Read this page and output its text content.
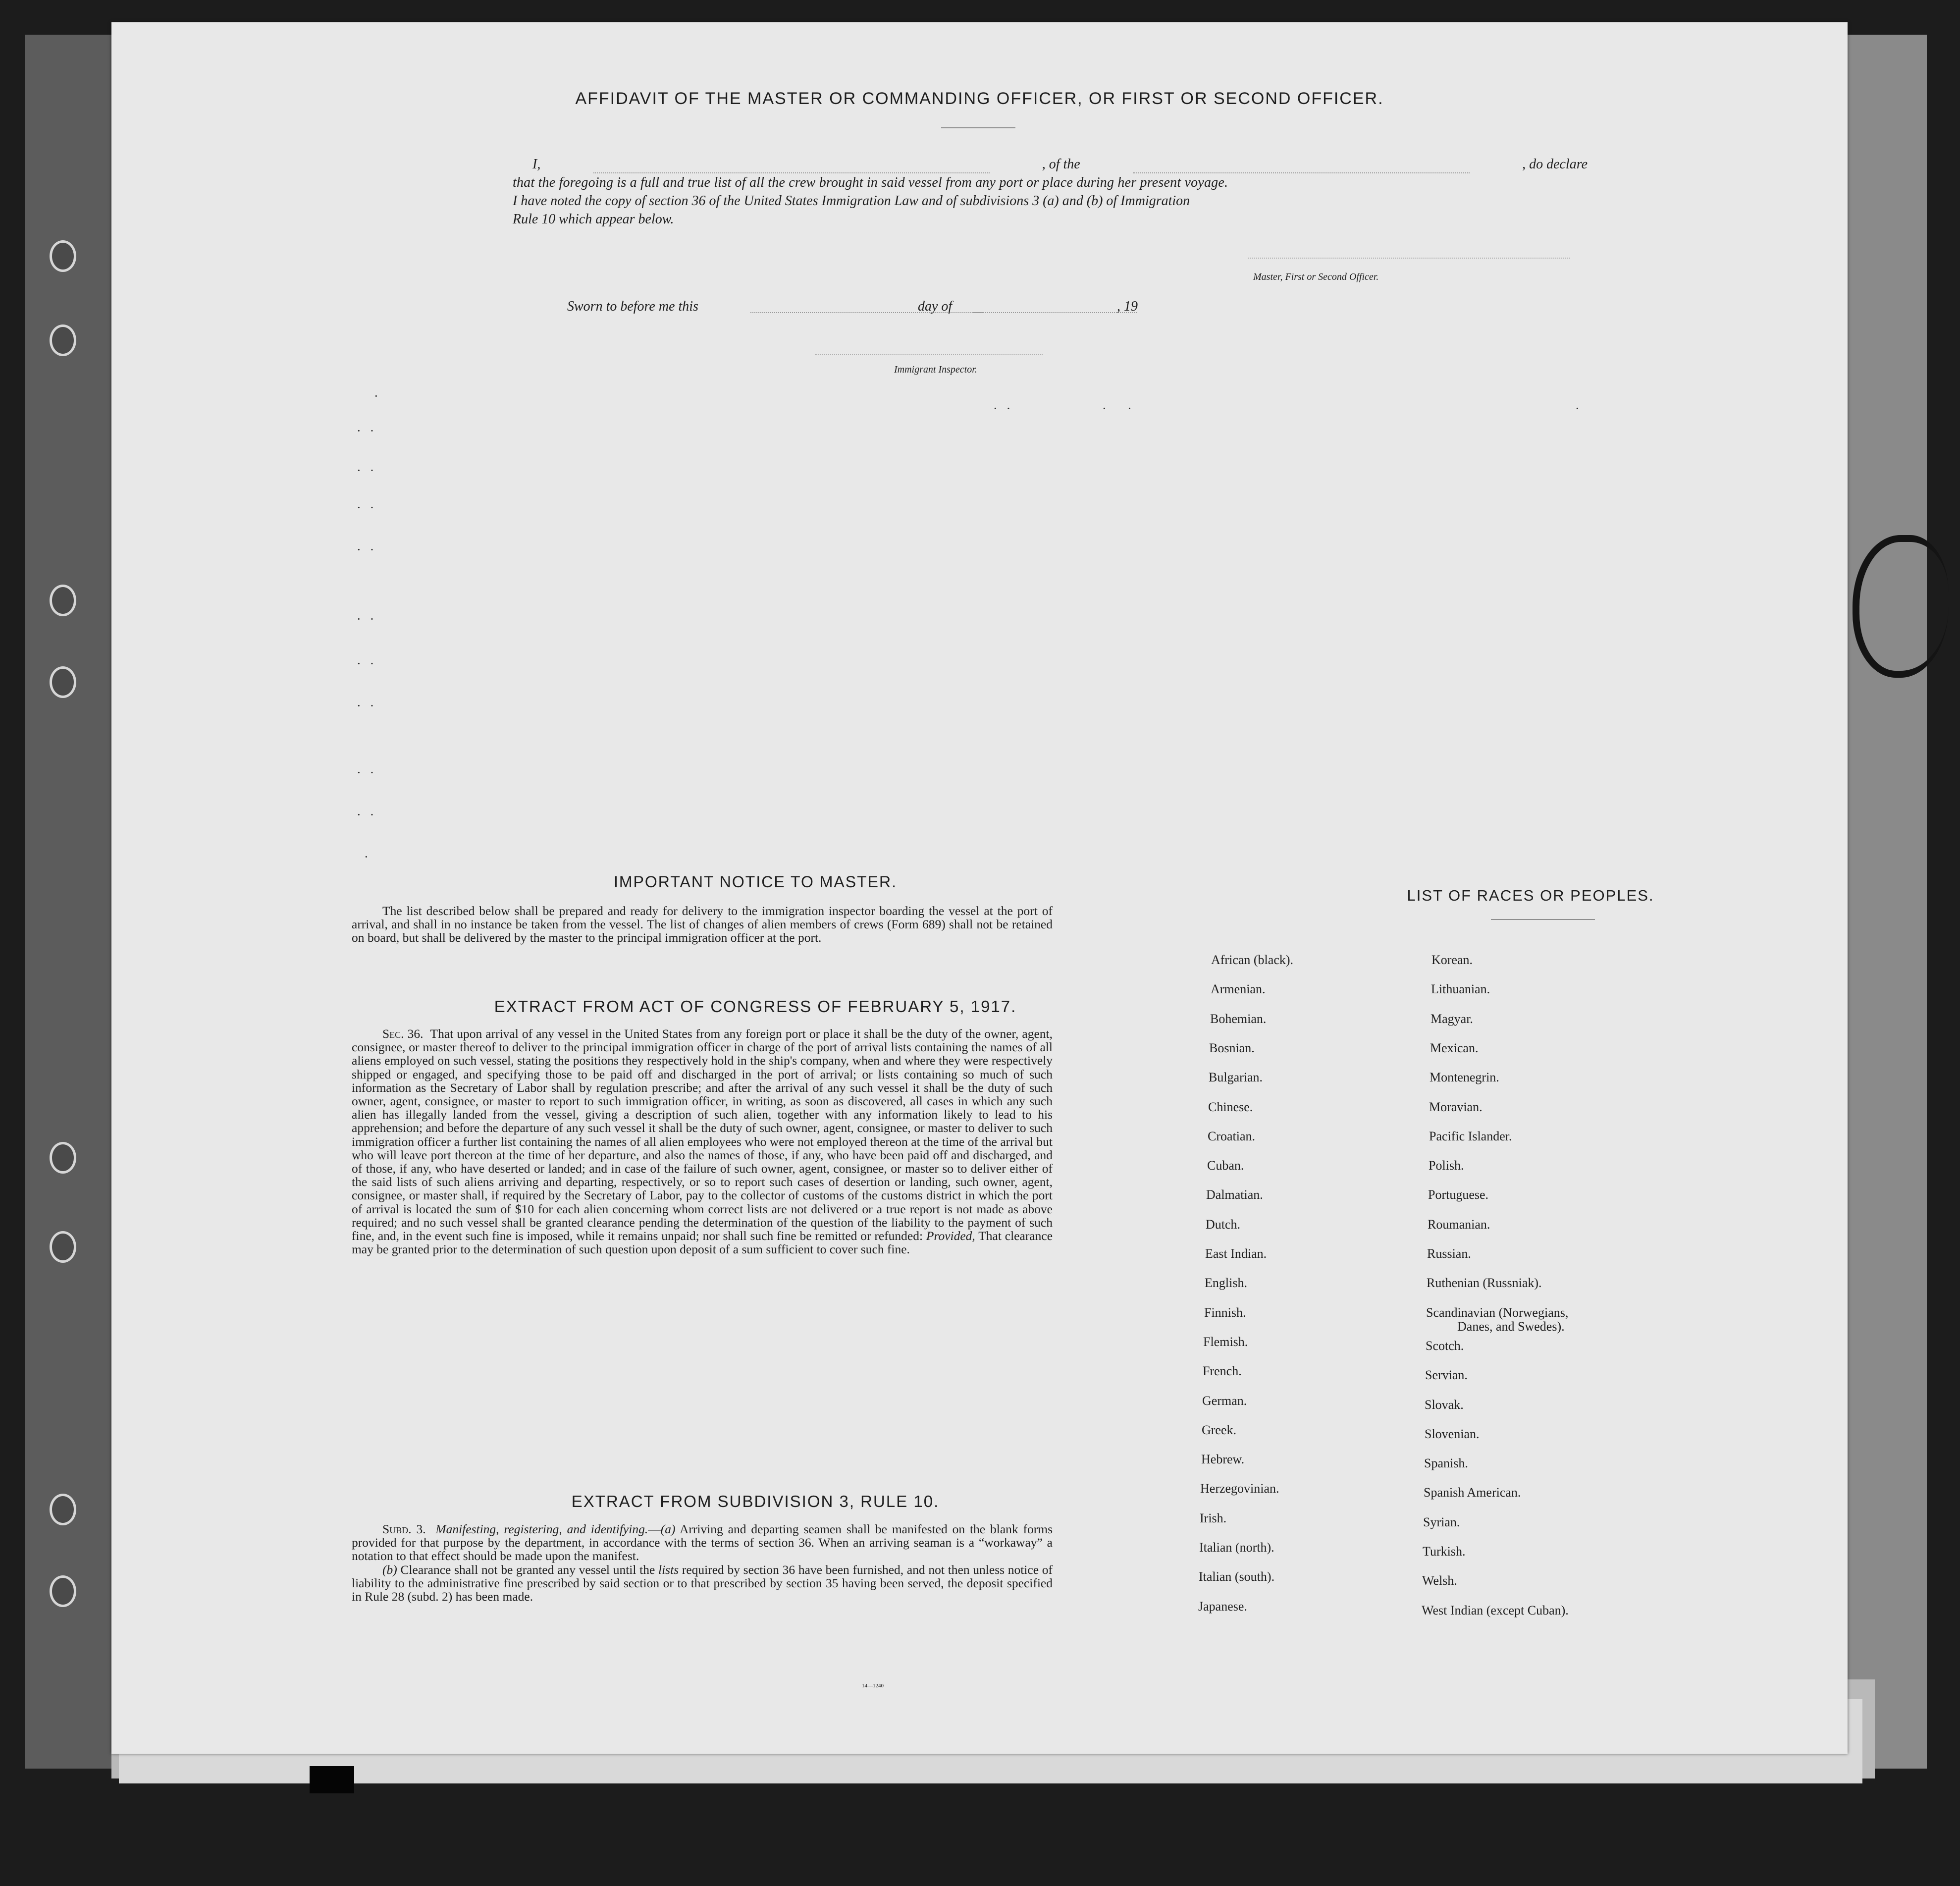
AFFIDAVIT OF THE MASTER OR COMMANDING OFFICER, OR FIRST OR SECOND OFFICER.
I,	, of the	, do declare
that the foregoing is a full and true list of all the crew brought in said vessel from any port or place during her present voyage.
I have noted the copy of section 36 of the United States Immigration Law and of subdivisions 3 (a) and (b) of Immigration
Rule 10 which appear below.
Master, First or Second Officer.
Sworn to before me this	day of	, 19
Immigrant Inspector.
·
··
··
··
··
··
··
··
··
··
·
··	· ·	·
IMPORTANT NOTICE TO MASTER.

The list described below shall be prepared and ready for delivery to the immigration inspector boarding the vessel at the port of arrival, and shall in no instance be taken from the vessel. The list of changes of alien members of crews (Form 689) shall not be retained on board, but shall be delivered by the master to the principal immigration officer at the port.

EXTRACT FROM ACT OF CONGRESS OF FEBRUARY 5, 1917.

Sec. 36. That upon arrival of any vessel in the United States from any foreign port or place it shall be the duty of the owner, agent, consignee, or master thereof to deliver to the principal immigration officer in charge of the port of arrival lists containing the names of all aliens employed on such vessel, stating the positions they respectively hold in the ship's company, when and where they were respectively shipped or engaged, and specifying those to be paid off and discharged in the port of arrival; or lists containing so much of such information as the Secretary of Labor shall by regulation prescribe; and after the arrival of any such vessel it shall be the duty of such owner, agent, consignee, or master to report to such immigration officer, in writing, as soon as discovered, all cases in which any such alien has illegally landed from the vessel, giving a description of such alien, together with any information likely to lead to his apprehension; and before the departure of any such vessel it shall be the duty of such owner, agent, consignee, or master to deliver to such immigration officer a further list containing the names of all alien employees who were not employed thereon at the time of the arrival but who will leave port thereon at the time of her departure, and also the names of those, if any, who have been paid off and discharged, and of those, if any, who have deserted or landed; and in case of the failure of such owner, agent, consignee, or master so to deliver either of the said lists of such aliens arriving and departing, respectively, or so to report such cases of desertion or landing, such owner, agent, consignee, or master shall, if required by the Secretary of Labor, pay to the collector of customs of the customs district in which the port of arrival is located the sum of $10 for each alien concerning whom correct lists are not delivered or a true report is not made as above required; and no such vessel shall be granted clearance pending the determination of the question of the liability to the payment of such fine, and, in the event such fine is imposed, while it remains unpaid; nor shall such fine be remitted or refunded: Provided, That clearance may be granted prior to the determination of such question upon deposit of a sum sufficient to cover such fine.

EXTRACT FROM SUBDIVISION 3, RULE 10.

Subd. 3. Manifesting, registering, and identifying.—(a) Arriving and departing seamen shall be manifested on the blank forms provided for that purpose by the department, in accordance with the terms of section 36. When an arriving seaman is a “workaway” a notation to that effect should be made upon the manifest.

(b) Clearance shall not be granted any vessel until the lists required by section 36 have been furnished, and not then unless notice of liability to the administrative fine prescribed by said section or to that prescribed by section 35 having been served, the deposit specified in Rule 28 (subd. 2) has been made.

14—1240
LIST OF RACES OR PEOPLES.
African (black).
Armenian.
Bohemian.
Bosnian.
Bulgarian.
Chinese.
Croatian.
Cuban.
Dalmatian.
Dutch.
East Indian.
English.
Finnish.
Flemish.
French.
German.
Greek.
Hebrew.
Herzegovinian.
Irish.
Italian (north).
Italian (south).
Japanese.
Korean.
Lithuanian.
Magyar.
Mexican.
Montenegrin.
Moravian.
Pacific Islander.
Polish.
Portuguese.
Roumanian.
Russian.
Ruthenian (Russniak).
Scandinavian (Norwegians,
Scotch.
Servian.
Slovak.
Slovenian.
Spanish.
Spanish American.
Syrian.
Turkish.
Welsh.
West Indian (except Cuban).
Danes, and Swedes).
